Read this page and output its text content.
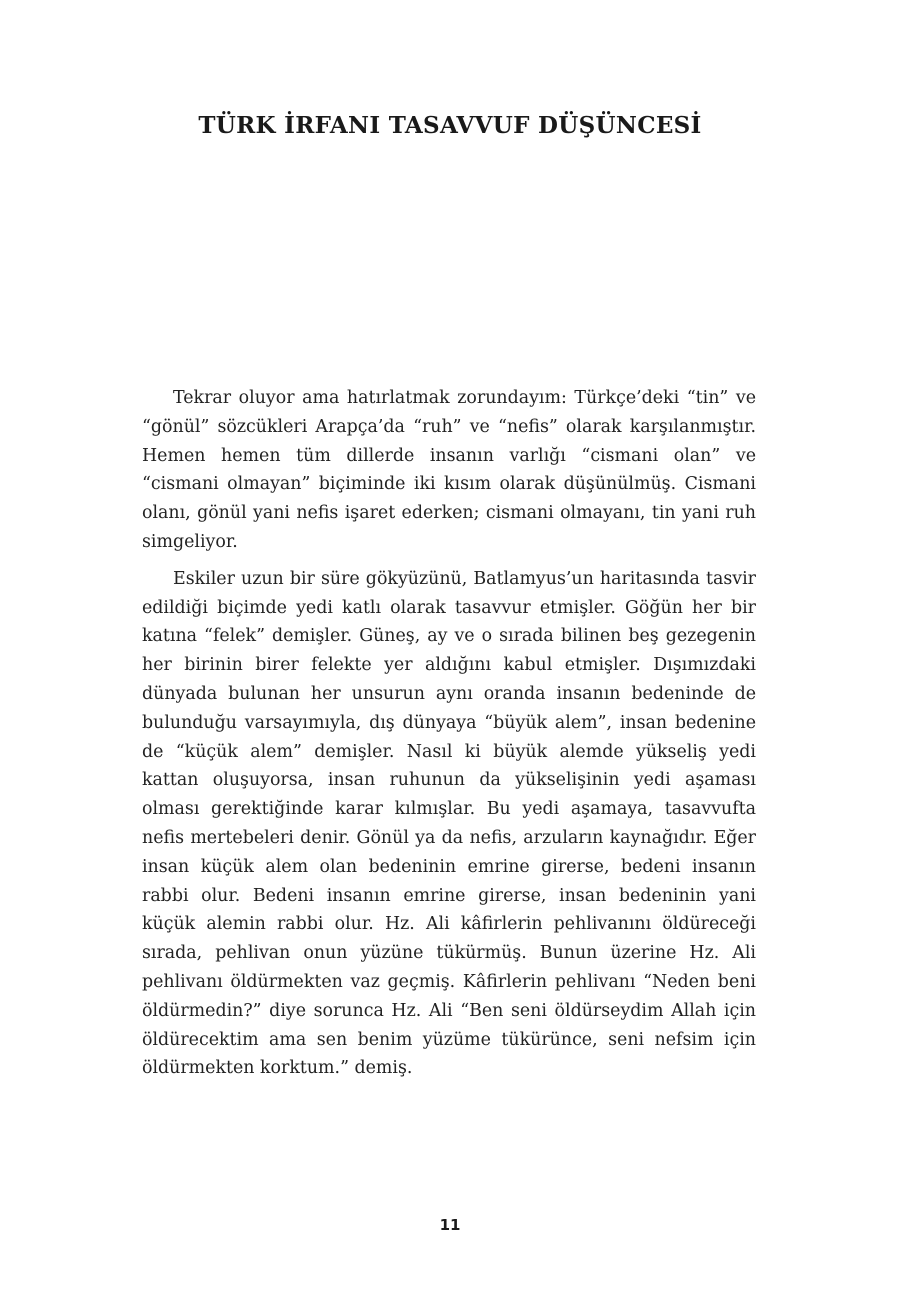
TÜRK İRFANI TASAVVUF DÜŞÜNCESİ

Tekrar oluyor ama hatırlatmak zorundayım: Türkçe’deki “tin” ve “gönül” sözcükleri Arapça’da “ruh” ve “nefis” olarak karşılanmıştır. Hemen hemen tüm dillerde insanın varlığı “cismani olan” ve “cismani olmayan” biçiminde iki kısım olarak düşünülmüş. Cismani olanı, gönül yani nefis işaret ederken; cismani olmayanı, tin yani ruh simgeliyor.

Eskiler uzun bir süre gökyüzünü, Batlamyus’un haritasında tasvir edildiği biçimde yedi katlı olarak tasavvur etmişler. Göğün her bir katına “felek” demişler. Güneş, ay ve o sırada bilinen beş gezegenin her birinin birer felekte yer aldığını kabul etmişler. Dışımızdaki dünyada bulunan her unsurun aynı oranda insanın bedeninde de bulunduğu varsayımıyla, dış dünyaya “büyük alem”, insan bedenine de “küçük alem” demişler. Nasıl ki büyük alemde yükseliş yedi kattan oluşuyorsa, insan ruhunun da yükselişinin yedi aşaması olması gerektiğinde karar kılmışlar. Bu yedi aşamaya, tasavvufta nefis mertebeleri denir. Gönül ya da nefis, arzuların kaynağıdır. Eğer insan küçük alem olan bedeninin emrine girerse, bedeni insanın rabbi olur. Bedeni insanın emrine girerse, insan bedeninin yani küçük alemin rabbi olur. Hz. Ali kâfirlerin pehlivanını öldüreceği sırada, pehlivan onun yüzüne tükürmüş. Bunun üzerine Hz. Ali pehlivanı öldürmekten vaz geçmiş. Kâfirlerin pehlivanı “Neden beni öldürmedin?” diye sorunca Hz. Ali “Ben seni öldürseydim Allah için öldürecektim ama sen benim yüzüme tükürünce, seni nefsim için öldürmekten korktum.” demiş.

11
